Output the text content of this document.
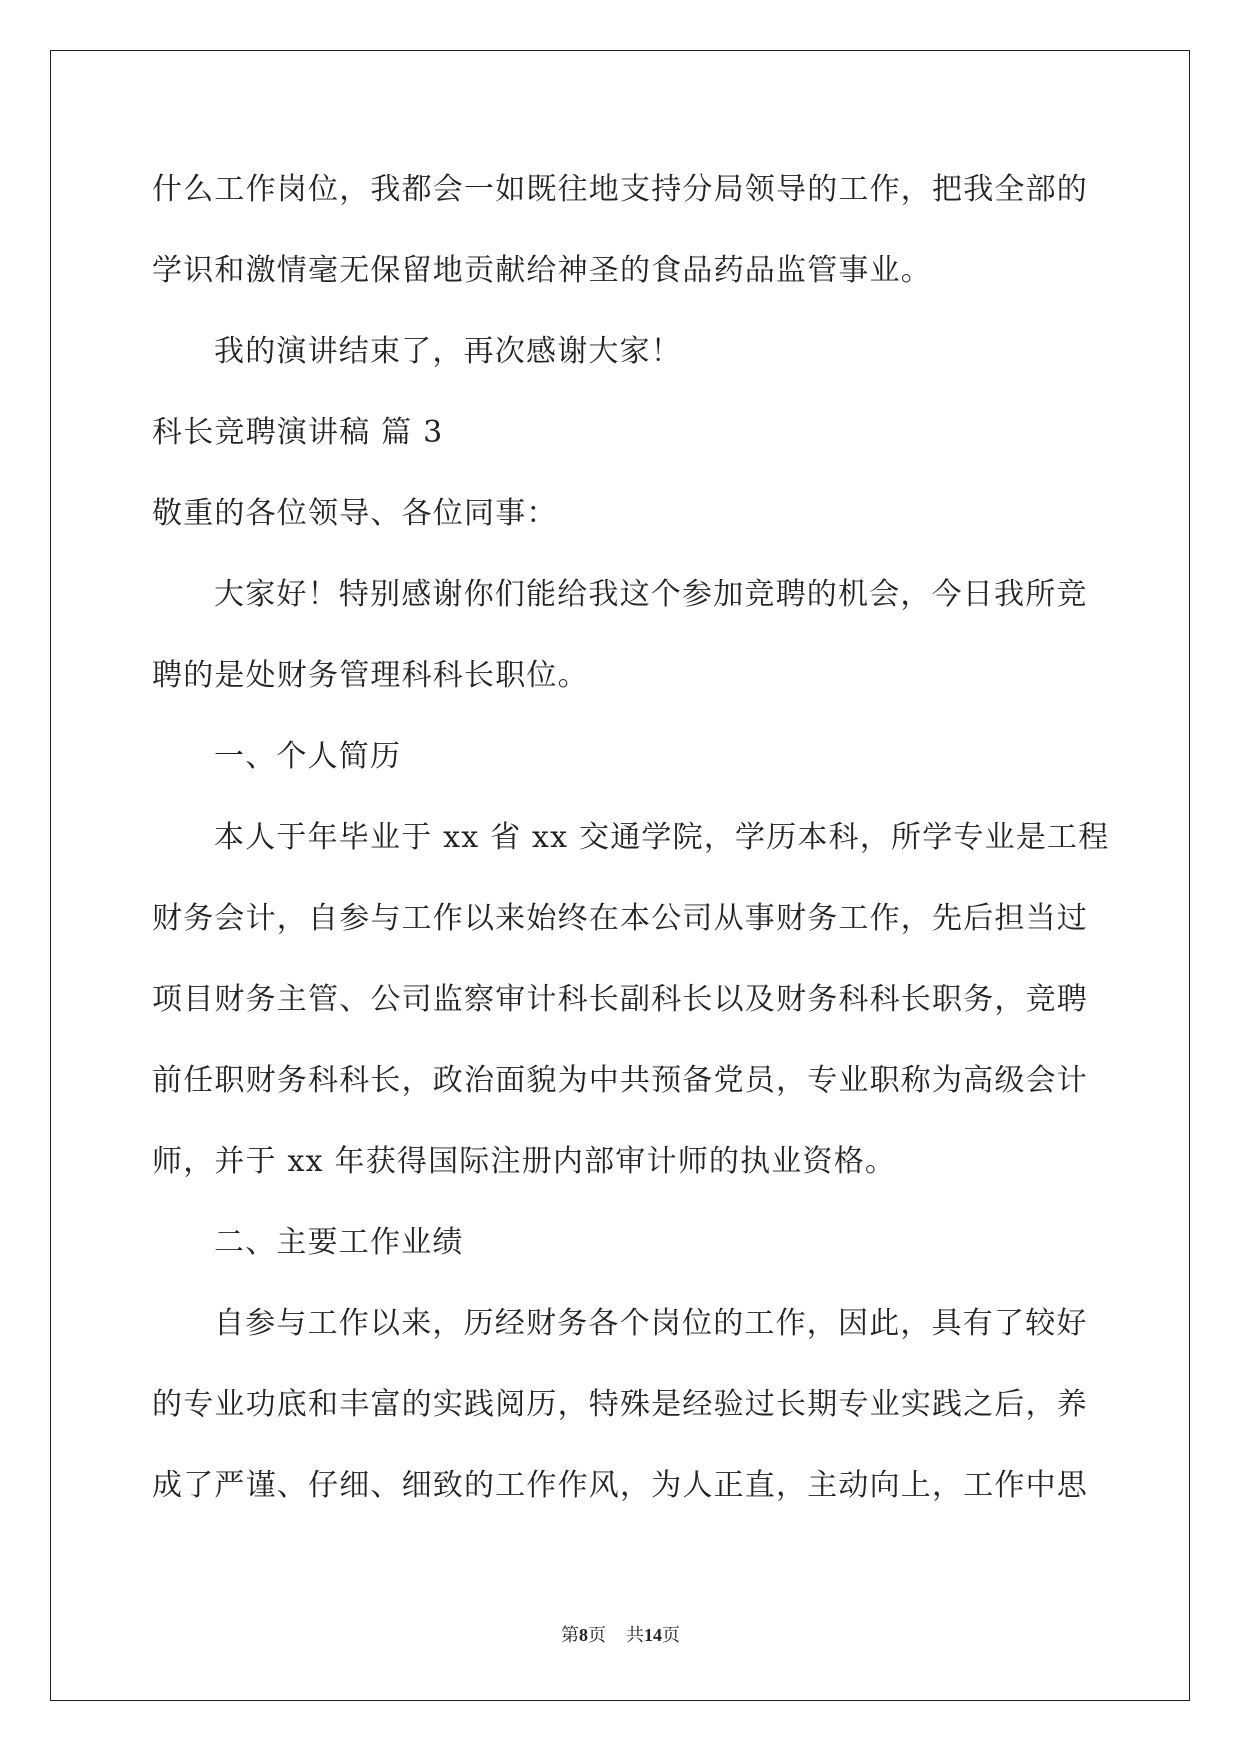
什么工作岗位，我都会一如既往地支持分局领导的工作，把我全部的
学识和激情毫无保留地贡献给神圣的食品药品监管事业。
我的演讲结束了，再次感谢大家！
科长竞聘演讲稿 篇 3
敬重的各位领导、各位同事：
大家好！特别感谢你们能给我这个参加竞聘的机会，今日我所竞
聘的是处财务管理科科长职位。
一、个人简历
本人于年毕业于 xx 省 xx 交通学院，学历本科，所学专业是工程
财务会计，自参与工作以来始终在本公司从事财务工作，先后担当过
项目财务主管、公司监察审计科长副科长以及财务科科长职务，竞聘
前任职财务科科长，政治面貌为中共预备党员，专业职称为高级会计
师，并于 xx 年获得国际注册内部审计师的执业资格。
二、主要工作业绩
自参与工作以来，历经财务各个岗位的工作，因此，具有了较好
的专业功底和丰富的实践阅历，特殊是经验过长期专业实践之后，养
成了严谨、仔细、细致的工作作风，为人正直，主动向上，工作中思
第8页 共14页
